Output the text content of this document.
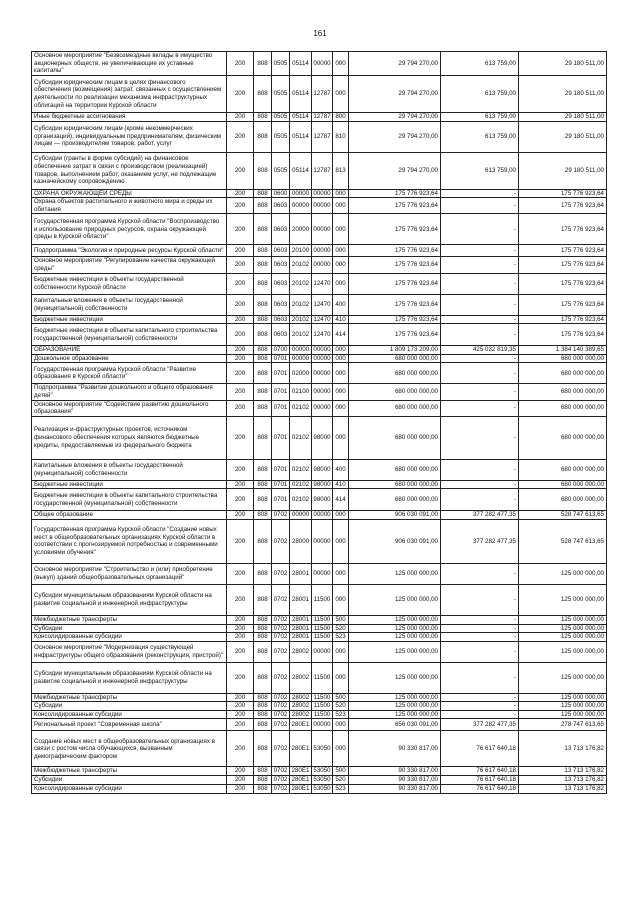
161
Основное мероприятие "Безвозмездные вклады в имущество акционерных обществ, не увеличивающие их уставные капиталы"	200	808	0505	05114	00000	000	29 794 270,00	613 759,00	29 180 511,00
Субсидии юридическим лицам в целях финансового обеспечения (возмещения) затрат, связанных с осуществлением деятельности по реализации механизма инфраструктурных облигаций на территории Курской области	200	808	0505	05114	12787	000	29 794 270,00	613 759,00	29 180 511,00
Иные бюджетные ассигнования	200	808	0505	05114	12787	800	29 794 270,00	613 759,00	29 180 511,00
Субсидии юридическим лицам (кроме некоммерческих организаций), индивидуальным предпринимателям, физическим лицам — производителям товаров, работ, услуг	200	808	0505	05114	12787	810	29 794 270,00	613 759,00	29 180 511,00
Субсидии (гранты в форме субсидий) на финансовое обеспечение затрат в связи с производством (реализацией) товаров, выполнением работ, оказанием услуг, не подлежащие казначейскому сопровождению	200	808	0505	05114	12787	813	29 794 270,00	613 759,00	29 180 511,00
ОХРАНА ОКРУЖАЮЩЕЙ СРЕДЫ	200	808	0600	00000	00000	000	175 776 923,64	-	175 776 923,64
Охрана объектов растительного и животного мира и среды их обитания	200	808	0603	00000	00000	000	175 776 923,64	-	175 776 923,64
Государственная программа Курской области "Воспроизводство и использование природных ресурсов, охрана окружающей среды в Курской области"	200	808	0603	20000	00000	000	175 776 923,64	-	175 776 923,64
Подпрограмма "Экология и природные ресурсы Курской области"	200	808	0603	20100	00000	000	175 776 923,64	-	175 776 923,64
Основное мероприятие "Регулирование качества окружающей среды"	200	808	0603	20102	00000	000	175 776 923,64	-	175 776 923,64
Бюджетные инвестиции в объекты государственной собственности Курской области	200	808	0603	20102	12470	000	175 776 923,64	-	175 776 923,64
Капитальные вложения в объекты государственной (муниципальной) собственности	200	808	0603	20102	12470	400	175 776 923,64	-	175 776 923,64
Бюджетные инвестиции	200	808	0603	20102	12470	410	175 776 923,64	-	175 776 923,64
Бюджетные инвестиции в объекты капитального строительства государственной (муниципальной) собственности	200	808	0603	20102	12470	414	175 776 923,64	-	175 776 923,64
ОБРАЗОВАНИЕ	200	808	0700	00000	00000	000	1 809 173 209,00	425 032 819,35	1 384 140 389,65
Дошкольное образование	200	808	0701	00000	00000	000	680 000 000,00	-	680 000 000,00
Государственная программа Курской области "Развитие образования в Курской области"	200	808	0701	02000	00000	000	680 000 000,00	-	680 000 000,00
Подпрограмма "Развитие дошкольного и общего образования детей"	200	808	0701	02100	00000	000	680 000 000,00	-	680 000 000,00
Основное мероприятие "Содействие развитию дошкольного образования"	200	808	0701	02102	00000	000	680 000 000,00	-	680 000 000,00
Реализация и-фраструктурных проектов, источником финансового обеспечения которых являются бюджетные кредиты, предоставляемые из федерального бюджета	200	808	0701	02102	98000	000	680 000 000,00	-	680 000 000,00
Капитальные вложения в объекты государственной (муниципальной) собственности	200	808	0701	02102	98000	400	680 000 000,00	-	680 000 000,00
Бюджетные инвестиции	200	808	0701	02102	98000	410	680 000 000,00	-	680 000 000,00
Бюджетные инвестиции в объекты капитального строительства государственной (муниципальной) собственности	200	808	0701	02102	98000	414	680 000 000,00	-	680 000 000,00
Общее образование	200	808	0702	00000	00000	000	906 030 091,00	377 282 477,35	528 747 613,65
Государственная программа Курской области "Создание новых мест в общеобразовательных организациях Курской области в соответствии с прогнозируемой потребностью и современными условиями обучения"	200	808	0702	28000	00000	000	906 030 091,00	377 282 477,35	528 747 613,65
Основное мероприятие "Строительство и (или) приобретение (выкуп) зданий общеобразовательных организаций"	200	808	0702	28001	00000	000	125 000 000,00	-	125 000 000,00
Субсидии муниципальным образованиям Курской области на развитие социальной и инженерной инфраструктуры	200	808	0702	28001	11500	000	125 000 000,00	-	125 000 000,00
Межбюджетные трансферты	200	808	0702	28001	11500	500	125 000 000,00	-	125 000 000,00
Субсидии	200	808	0702	28001	11500	520	125 000 000,00	-	125 000 000,00
Консолидированные субсидии	200	808	0702	28001	11500	523	125 000 000,00	-	125 000 000,00
Основное мероприятие "Модернизация существующей инфраструктуры общего образования (реконструкция, пристрой)"	200	808	0702	28002	00000	000	125 000 000,00	-	125 000 000,00
Субсидии муниципальным образованиям Курской области на развитие социальной и инженерной инфраструктуры	200	808	0702	28002	11500	000	125 000 000,00	-	125 000 000,00
Межбюджетные трансферты	200	808	0702	28002	11500	500	125 000 000,00	-	125 000 000,00
Субсидии	200	808	0702	28002	11500	520	125 000 000,00	-	125 000 000,00
Консолидированные субсидии	200	808	0702	28002	11500	523	125 000 000,00	-	125 000 000,00
Региональный проект "Современная школа"	200	808	0702	280E1	00000	000	656 030 091,00	377 282 477,35	278 747 613,65
Создание новых мест в общеобразовательных организациях в связи с ростом числа обучающихся, вызванным демографическим фактором	200	808	0702	280E1	53050	000	90 330 817,00	76 617 640,18	13 713 176,82
Межбюджетные трансферты	200	808	0702	280E1	53050	500	90 330 817,00	76 617 640,18	13 713 176,82
Субсидии	200	808	0702	280E1	53050	520	90 330 817,00	76 617 640,18	13 713 176,82
Консолидированные субсидии	200	808	0702	280E1	53050	523	90 330 817,00	76 617 640,18	13 713 176,82
